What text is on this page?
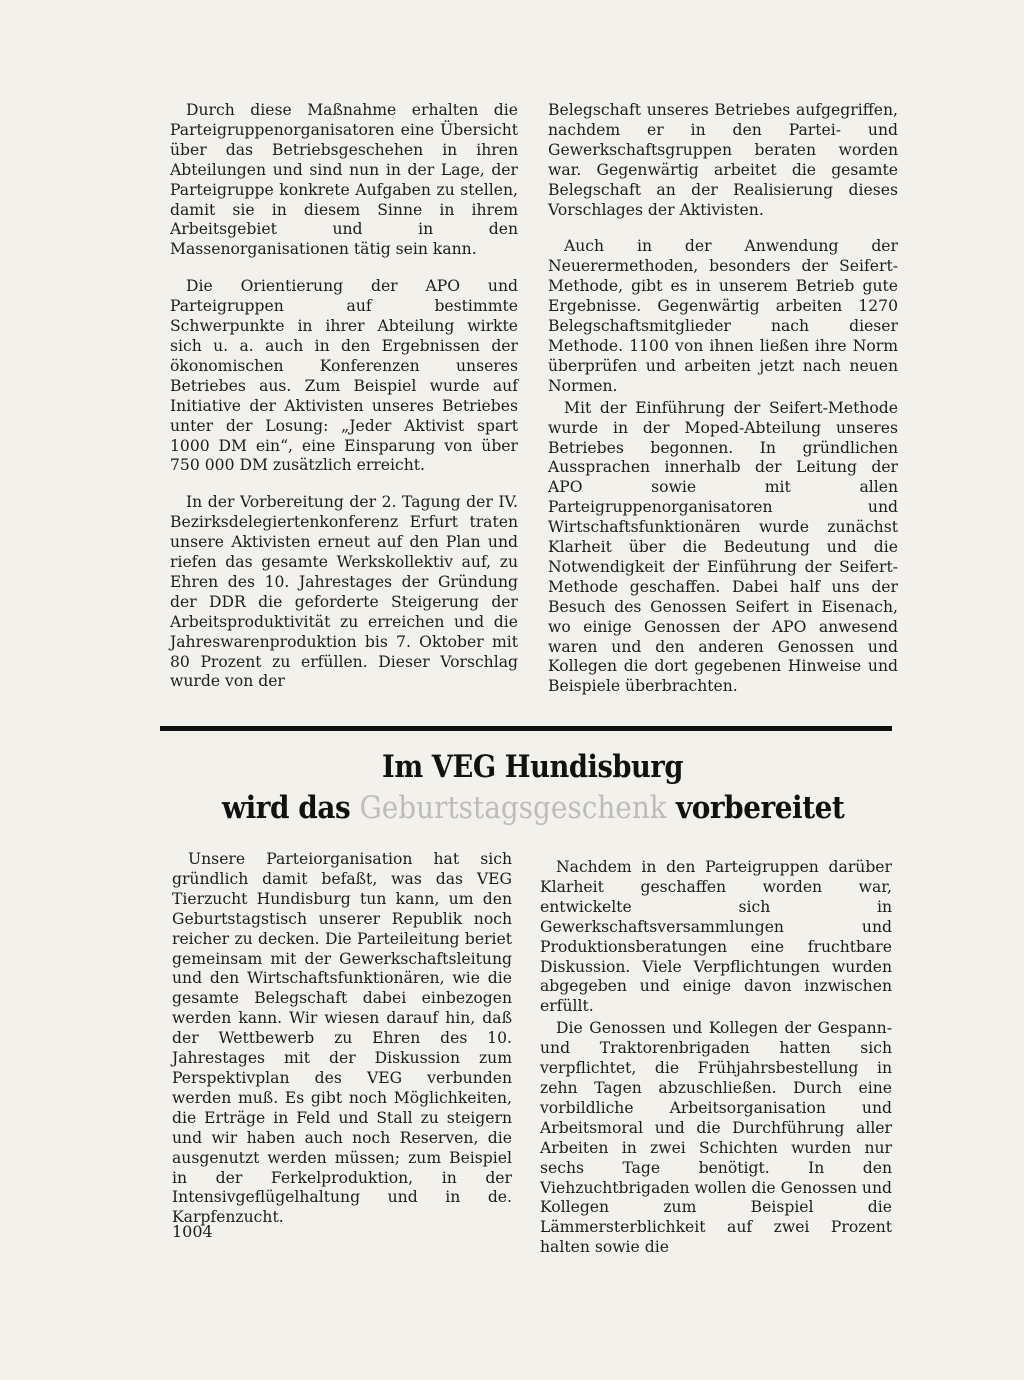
Durch diese Maßnahme erhalten die Parteigruppenorganisatoren eine Übersicht über das Betriebsgeschehen in ihren Abteilungen und sind nun in der Lage, der Parteigruppe konkrete Aufgaben zu stellen, damit sie in diesem Sinne in ihrem Arbeitsgebiet und in den Massenorganisationen tätig sein kann.

Die Orientierung der APO und Parteigruppen auf bestimmte Schwerpunkte in ihrer Abteilung wirkte sich u. a. auch in den Ergebnissen der ökonomischen Konferenzen unseres Betriebes aus. Zum Beispiel wurde auf Initiative der Aktivisten unseres Betriebes unter der Losung: „Jeder Aktivist spart 1000 DM ein“, eine Einsparung von über 750 000 DM zusätzlich erreicht.

In der Vorbereitung der 2. Tagung der IV. Bezirksdelegiertenkonferenz Erfurt traten unsere Aktivisten erneut auf den Plan und riefen das gesamte Werkskollektiv auf, zu Ehren des 10. Jahrestages der Gründung der DDR die geforderte Steigerung der Arbeitsproduktivität zu erreichen und die Jahreswarenproduktion bis 7. Oktober mit 80 Prozent zu erfüllen. Dieser Vorschlag wurde von der

Belegschaft unseres Betriebes aufgegriffen, nachdem er in den Partei- und Gewerkschaftsgruppen beraten worden war. Gegenwärtig arbeitet die gesamte Belegschaft an der Realisierung dieses Vorschlages der Aktivisten.

Auch in der Anwendung der Neuerermethoden, besonders der Seifert-Methode, gibt es in unserem Betrieb gute Ergebnisse. Gegenwärtig arbeiten 1270 Belegschaftsmitglieder nach dieser Methode. 1100 von ihnen ließen ihre Norm überprüfen und arbeiten jetzt nach neuen Normen.

Mit der Einführung der Seifert-Methode wurde in der Moped-Abteilung unseres Betriebes begonnen. In gründlichen Aussprachen innerhalb der Leitung der APO sowie mit allen Parteigruppenorganisatoren und Wirtschaftsfunktionären wurde zunächst Klarheit über die Bedeutung und die Notwendigkeit der Einführung der Seifert-Methode geschaffen. Dabei half uns der Besuch des Genossen Seifert in Eisenach, wo einige Genossen der APO anwesend waren und den anderen Genossen und Kollegen die dort gegebenen Hinweise und Beispiele überbrachten.

Im VEG Hundisburg
wird das Geburtstagsgeschenk vorbereitet

Unsere Parteiorganisation hat sich gründlich damit befaßt, was das VEG Tierzucht Hundisburg tun kann, um den Geburtstagstisch unserer Republik noch reicher zu decken. Die Parteileitung beriet gemeinsam mit der Gewerkschaftsleitung und den Wirtschaftsfunktionären, wie die gesamte Belegschaft dabei einbezogen werden kann. Wir wiesen darauf hin, daß der Wettbewerb zu Ehren des 10. Jahrestages mit der Diskussion zum Perspektivplan des VEG verbunden werden muß. Es gibt noch Möglichkeiten, die Erträge in Feld und Stall zu steigern und wir haben auch noch Reserven, die ausgenutzt werden müssen; zum Beispiel in der Ferkelproduktion, in der Intensivgeflügelhaltung und in de. Karpfenzucht.

Nachdem in den Parteigruppen darüber Klarheit geschaffen worden war, entwickelte sich in Gewerkschaftsversammlungen und Produktionsberatungen eine fruchtbare Diskussion. Viele Verpflichtungen wurden abgegeben und einige davon inzwischen erfüllt.

Die Genossen und Kollegen der Gespann- und Traktorenbrigaden hatten sich verpflichtet, die Frühjahrsbestellung in zehn Tagen abzuschließen. Durch eine vorbildliche Arbeitsorganisation und Arbeitsmoral und die Durchführung aller Arbeiten in zwei Schichten wurden nur sechs Tage benötigt. In den Viehzuchtbrigaden wollen die Genossen und Kollegen zum Beispiel die Lämmersterblichkeit auf zwei Prozent halten sowie die

1004
